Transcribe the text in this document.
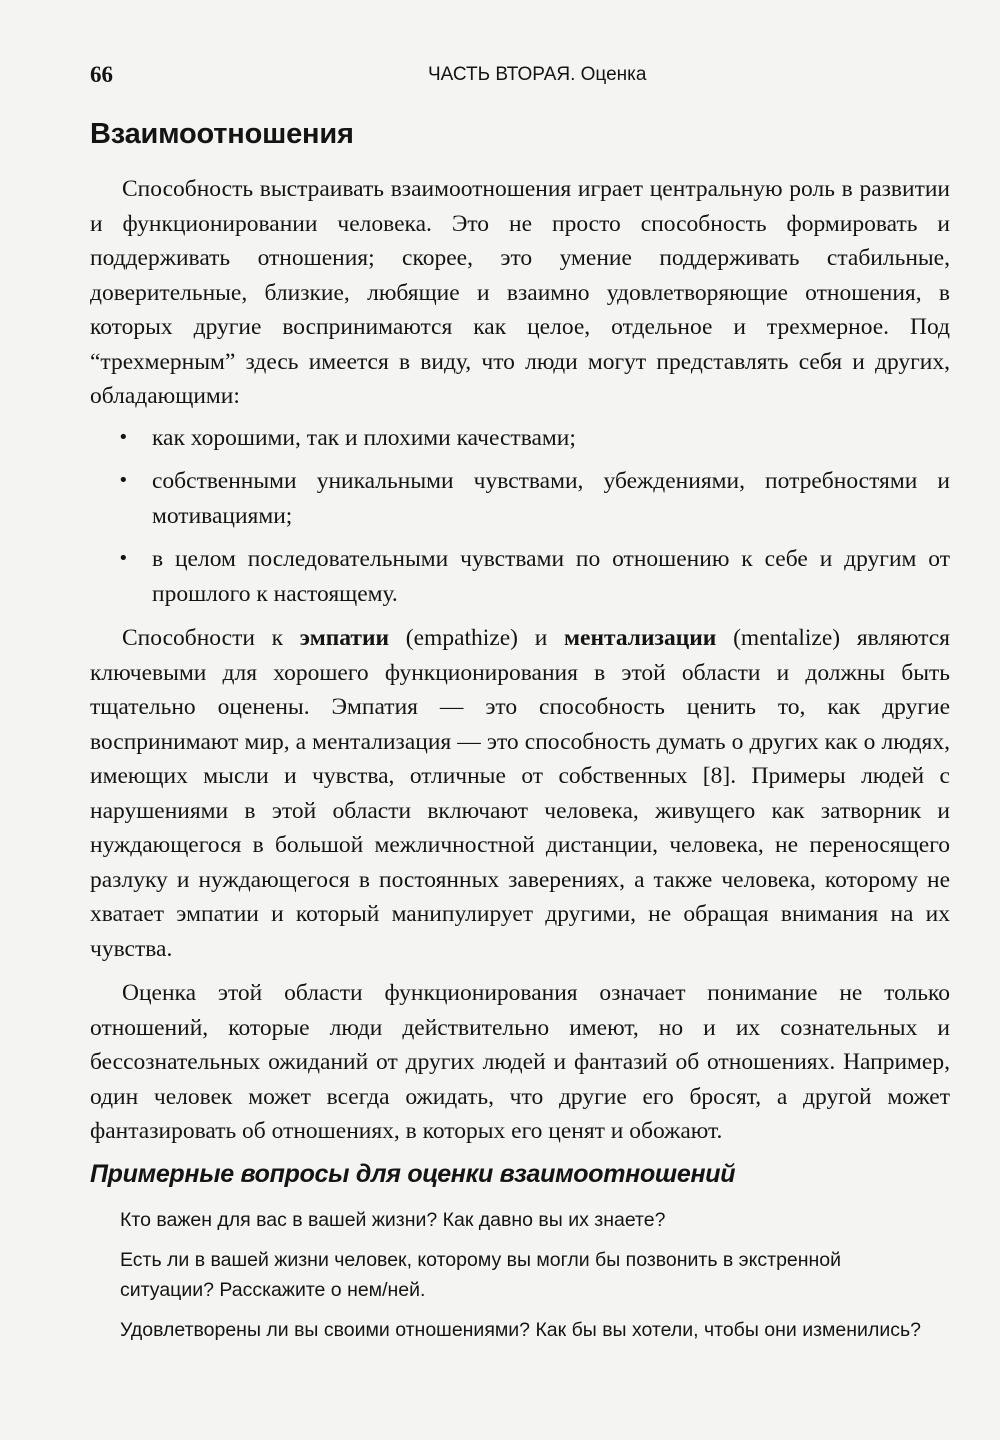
66	ЧАСТЬ ВТОРАЯ. Оценка
Взаимоотношения

Способность выстраивать взаимоотношения играет центральную роль в развитии и функционировании человека. Это не просто способность формировать и поддерживать отношения; скорее, это умение поддерживать стабильные, доверительные, близкие, любящие и взаимно удовлетворяющие отношения, в которых другие воспринимаются как целое, отдельное и трехмерное. Под “трехмерным” здесь имеется в виду, что люди могут представлять себя и других, обладающими:

• как хорошими, так и плохими качествами;
• собственными уникальными чувствами, убеждениями, потребностями и мотивациями;
• в целом последовательными чувствами по отношению к себе и другим от прошлого к настоящему.

Способности к эмпатии (empathize) и ментализации (mentalize) являются ключевыми для хорошего функционирования в этой области и должны быть тщательно оценены. Эмпатия — это способность ценить то, как другие воспринимают мир, а ментализация — это способность думать о других как о людях, имеющих мысли и чувства, отличные от собственных [8]. Примеры людей с нарушениями в этой области включают человека, живущего как затворник и нуждающегося в большой межличностной дистанции, человека, не переносящего разлуку и нуждающегося в постоянных заверениях, а также человека, которому не хватает эмпатии и который манипулирует другими, не обращая внимания на их чувства.

Оценка этой области функционирования означает понимание не только отношений, которые люди действительно имеют, но и их сознательных и бессознательных ожиданий от других людей и фантазий об отношениях. Например, один человек может всегда ожидать, что другие его бросят, а другой может фантазировать об отношениях, в которых его ценят и обожают.

Примерные вопросы для оценки взаимоотношений

Кто важен для вас в вашей жизни? Как давно вы их знаете?

Есть ли в вашей жизни человек, которому вы могли бы позвонить в экстренной ситуации? Расскажите о нем/ней.

Удовлетворены ли вы своими отношениями? Как бы вы хотели, чтобы они изменились?
